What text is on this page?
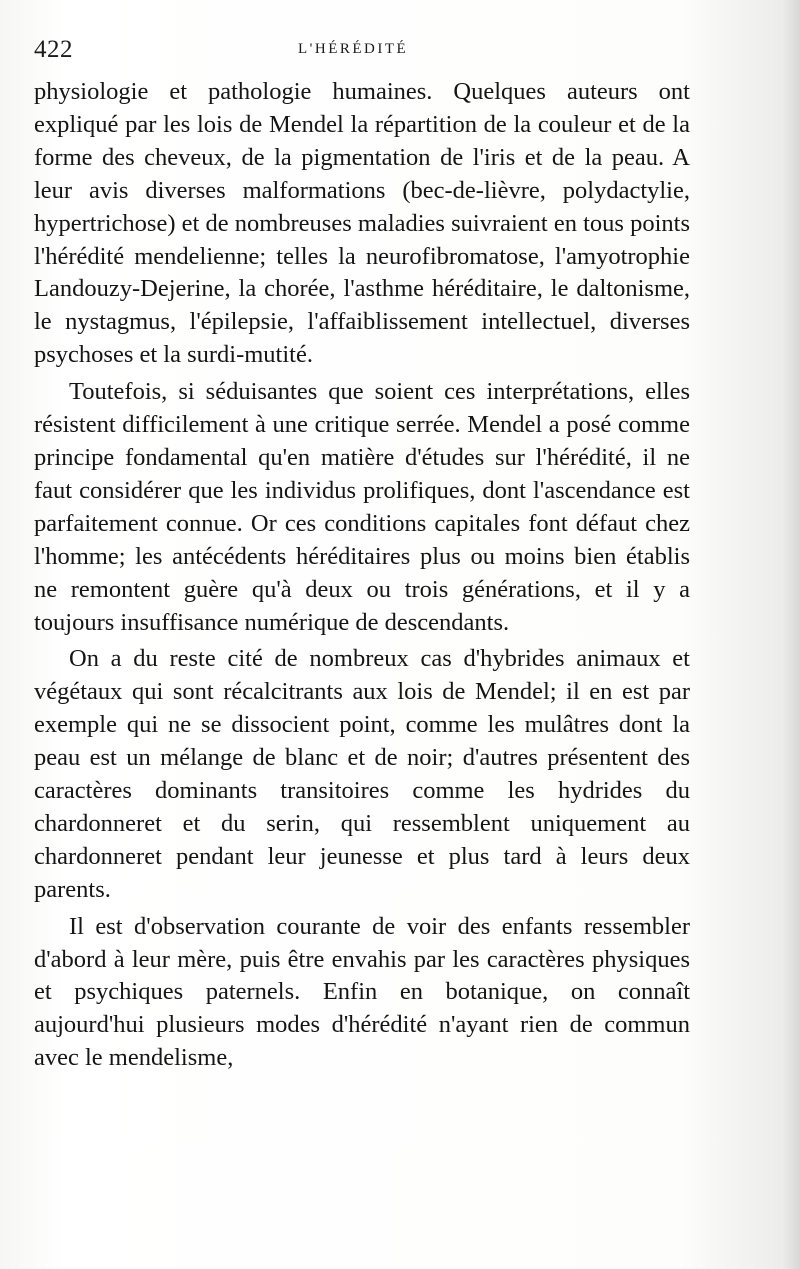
422	L'HÉRÉDITÉ

physiologie et pathologie humaines. Quelques auteurs ont expliqué par les lois de Mendel la répartition de la couleur et de la forme des cheveux, de la pigmentation de l'iris et de la peau. A leur avis diverses malformations (bec-de-lièvre, polydactylie, hypertrichose) et de nombreuses maladies suivraient en tous points l'hérédité mendelienne; telles la neurofibromatose, l'amyotrophie Landouzy-Dejerine, la chorée, l'asthme héréditaire, le daltonisme, le nystagmus, l'épilepsie, l'affaiblissement intellectuel, diverses psychoses et la surdi-mutité.

Toutefois, si séduisantes que soient ces interprétations, elles résistent difficilement à une critique serrée. Mendel a posé comme principe fondamental qu'en matière d'études sur l'hérédité, il ne faut considérer que les individus prolifiques, dont l'ascendance est parfaitement connue. Or ces conditions capitales font défaut chez l'homme; les antécédents héréditaires plus ou moins bien établis ne remontent guère qu'à deux ou trois générations, et il y a toujours insuffisance numérique de descendants.

On a du reste cité de nombreux cas d'hybrides animaux et végétaux qui sont récalcitrants aux lois de Mendel; il en est par exemple qui ne se dissocient point, comme les mulâtres dont la peau est un mélange de blanc et de noir; d'autres présentent des caractères dominants transitoires comme les hydrides du chardonneret et du serin, qui ressemblent uniquement au chardonneret pendant leur jeunesse et plus tard à leurs deux parents.

Il est d'observation courante de voir des enfants ressembler d'abord à leur mère, puis être envahis par les caractères physiques et psychiques paternels. Enfin en botanique, on connaît aujourd'hui plusieurs modes d'hérédité n'ayant rien de commun avec le mendelisme,
